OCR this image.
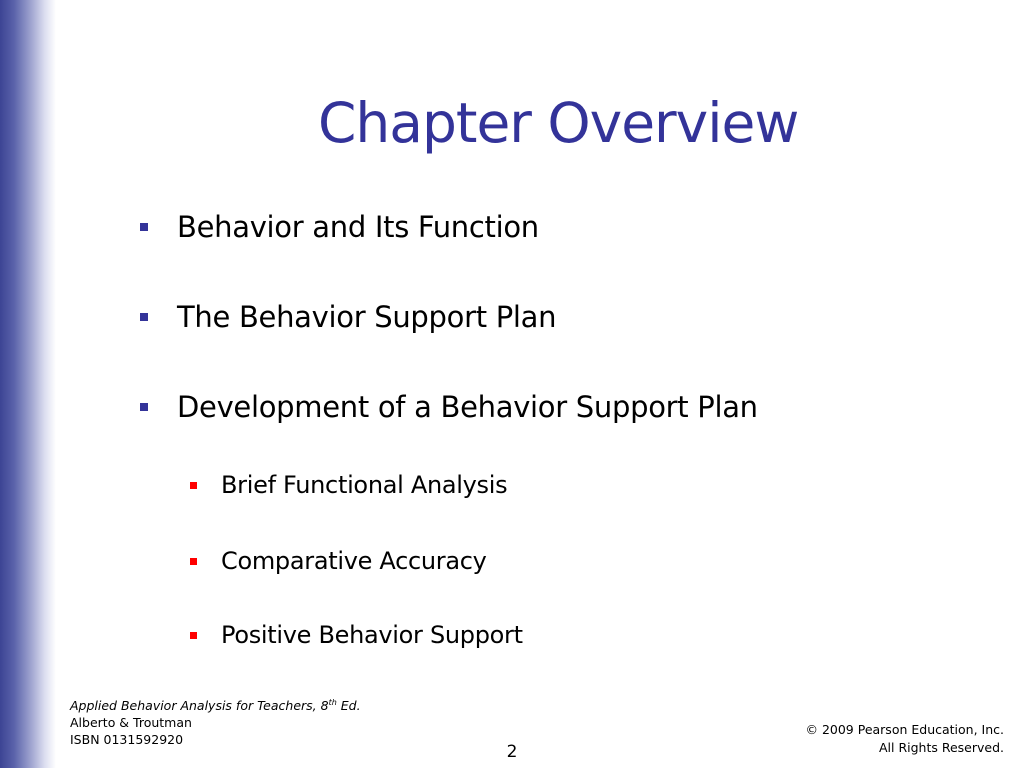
Chapter Overview
Behavior and Its Function
The Behavior Support Plan
Development of a Behavior Support Plan
Brief Functional Analysis
Comparative Accuracy
Positive Behavior Support
Applied Behavior Analysis for Teachers, 8th Ed.
Alberto & Troutman
ISBN 0131592920
© 2009 Pearson Education, Inc.
All Rights Reserved.
2
